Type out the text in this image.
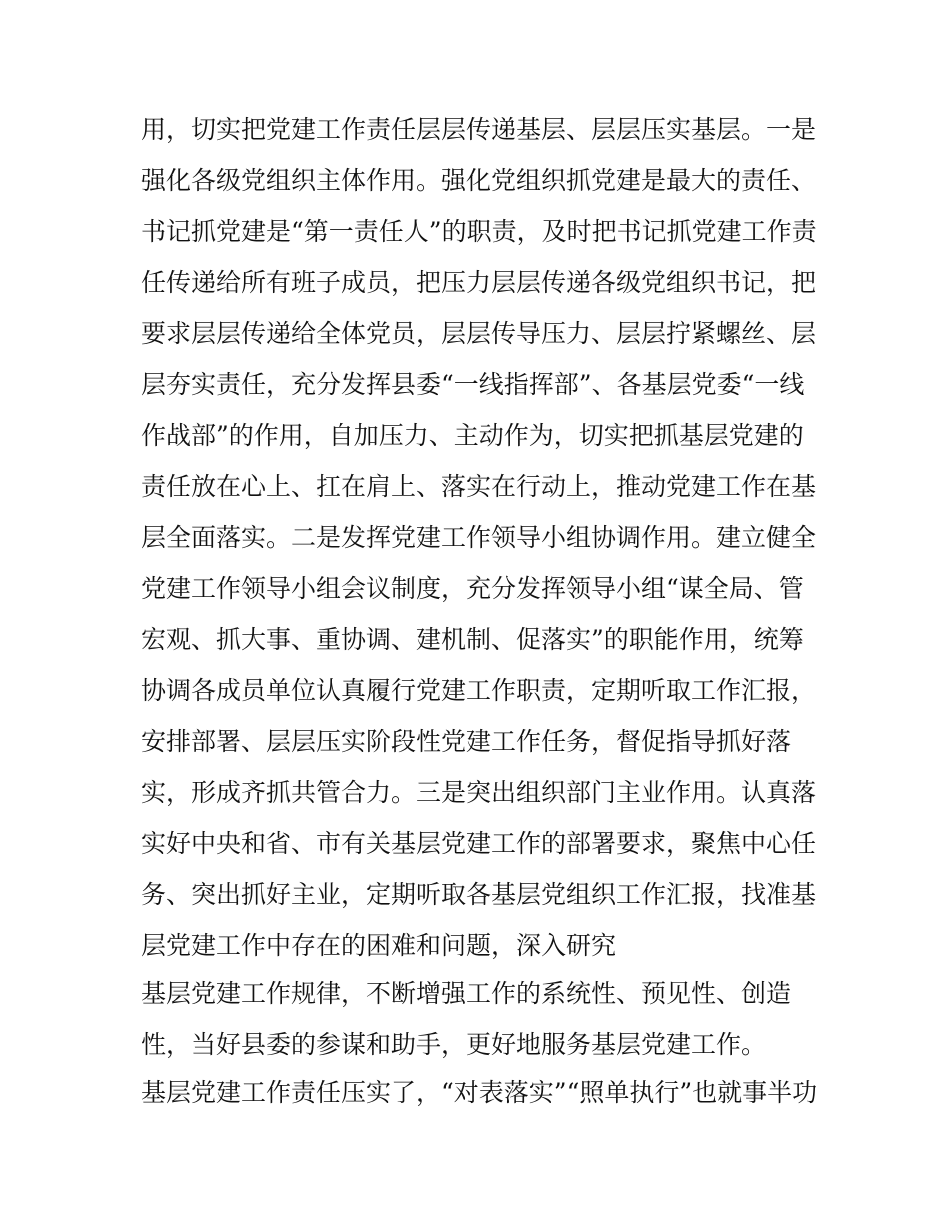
用，切实把党建工作责任层层传递基层、层层压实基层。一是
强化各级党组织主体作用。强化党组织抓党建是最大的责任、
书记抓党建是“第一责任人”的职责，及时把书记抓党建工作责
任传递给所有班子成员，把压力层层传递各级党组织书记，把
要求层层传递给全体党员，层层传导压力、层层拧紧螺丝、层
层夯实责任，充分发挥县委“一线指挥部”、各基层党委“一线
作战部”的作用，自加压力、主动作为，切实把抓基层党建的
责任放在心上、扛在肩上、落实在行动上，推动党建工作在基
层全面落实。二是发挥党建工作领导小组协调作用。建立健全
党建工作领导小组会议制度，充分发挥领导小组“谋全局、管
宏观、抓大事、重协调、建机制、促落实”的职能作用，统筹
协调各成员单位认真履行党建工作职责，定期听取工作汇报，
安排部署、层层压实阶段性党建工作任务，督促指导抓好落
实，形成齐抓共管合力。三是突出组织部门主业作用。认真落
实好中央和省、市有关基层党建工作的部署要求，聚焦中心任
务、突出抓好主业，定期听取各基层党组织工作汇报，找准基
层党建工作中存在的困难和问题，深入研究
基层党建工作规律，不断增强工作的系统性、预见性、创造
性，当好县委的参谋和助手，更好地服务基层党建工作。
基层党建工作责任压实了，“对表落实”“照单执行”也就事半功
